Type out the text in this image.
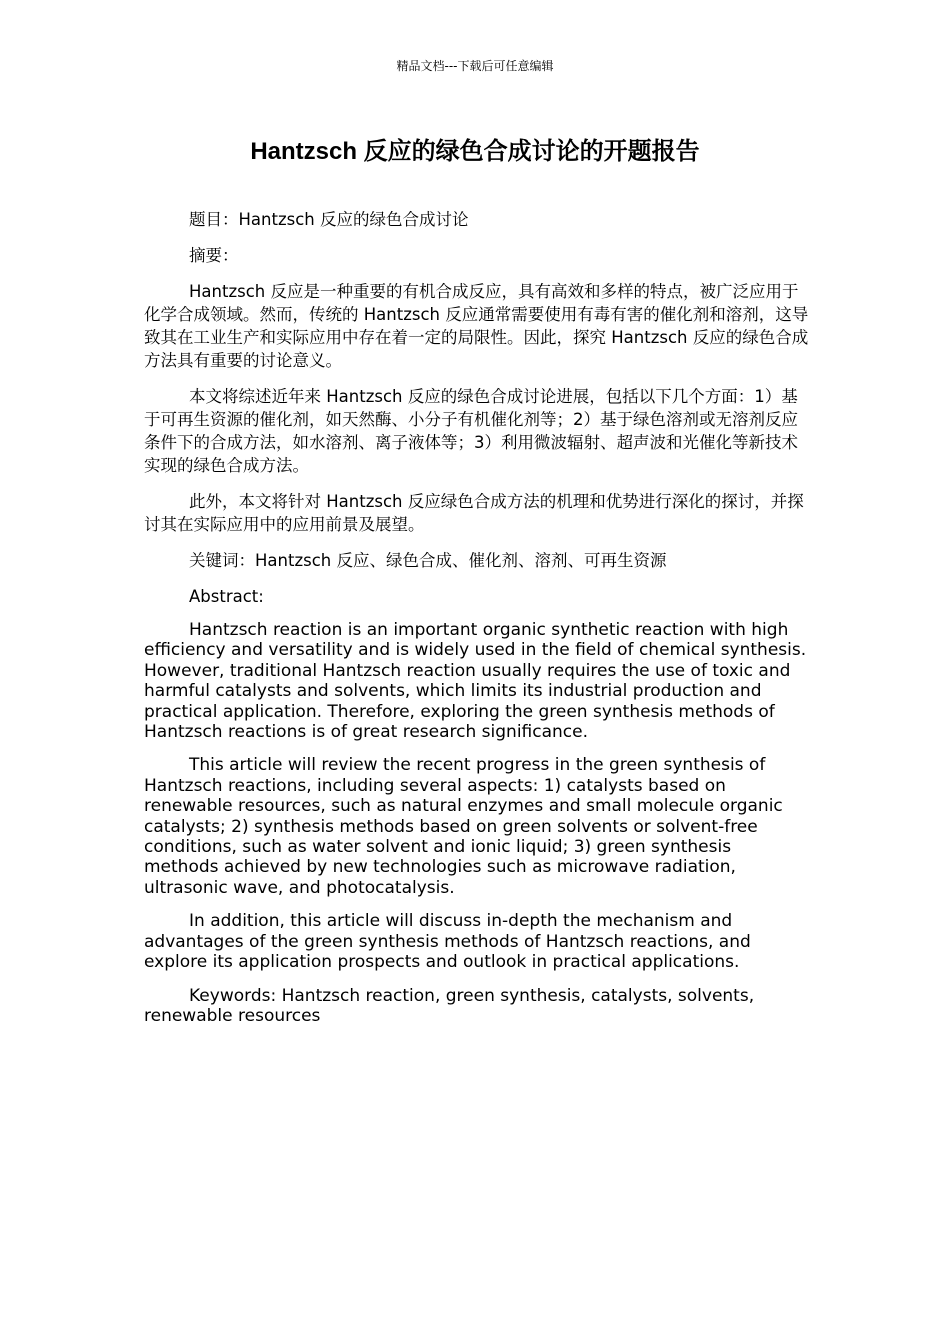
精品文档---下载后可任意编辑
Hantzsch 反应的绿色合成讨论的开题报告

题目：Hantzsch 反应的绿色合成讨论

摘要：

Hantzsch 反应是一种重要的有机合成反应，具有高效和多样的特点，被广泛应用于化学合成领域。然而，传统的 Hantzsch 反应通常需要使用有毒有害的催化剂和溶剂，这导致其在工业生产和实际应用中存在着一定的局限性。因此，探究 Hantzsch 反应的绿色合成方法具有重要的讨论意义。

本文将综述近年来 Hantzsch 反应的绿色合成讨论进展，包括以下几个方面：1）基于可再生资源的催化剂，如天然酶、小分子有机催化剂等；2）基于绿色溶剂或无溶剂反应条件下的合成方法，如水溶剂、离子液体等；3）利用微波辐射、超声波和光催化等新技术实现的绿色合成方法。

此外，本文将针对 Hantzsch 反应绿色合成方法的机理和优势进行深化的探讨，并探讨其在实际应用中的应用前景及展望。

关键词：Hantzsch 反应、绿色合成、催化剂、溶剂、可再生资源

Abstract:

Hantzsch reaction is an important organic synthetic reaction with high efficiency and versatility and is widely used in the field of chemical synthesis. However, traditional Hantzsch reaction usually requires the use of toxic and harmful catalysts and solvents, which limits its industrial production and practical application. Therefore, exploring the green synthesis methods of Hantzsch reactions is of great research significance.

This article will review the recent progress in the green synthesis of Hantzsch reactions, including several aspects: 1) catalysts based on renewable resources, such as natural enzymes and small molecule organic catalysts; 2) synthesis methods based on green solvents or solvent-free conditions, such as water solvent and ionic liquid; 3) green synthesis methods achieved by new technologies such as microwave radiation, ultrasonic wave, and photocatalysis.

In addition, this article will discuss in-depth the mechanism and advantages of the green synthesis methods of Hantzsch reactions, and explore its application prospects and outlook in practical applications.

Keywords: Hantzsch reaction, green synthesis, catalysts, solvents, renewable resources
